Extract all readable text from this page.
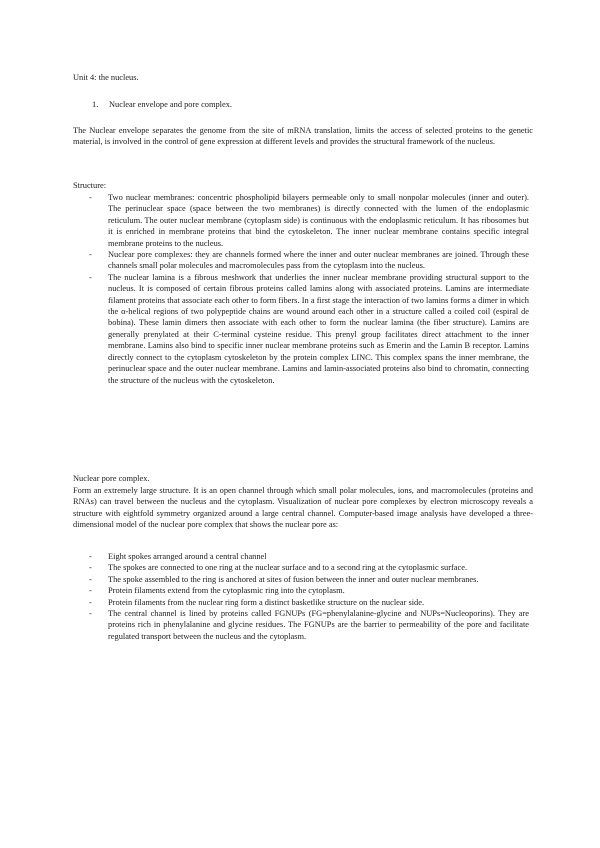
Unit 4: the nucleus.
1. Nuclear envelope and pore complex.
The Nuclear envelope separates the genome from the site of mRNA translation, limits the access of selected proteins to the genetic material, is involved in the control of gene expression at different levels and provides the structural framework of the nucleus.
Structure:
- Two nuclear membranes: concentric phospholipid bilayers permeable only to small nonpolar molecules (inner and outer). The perinuclear space (space between the two membranes) is directly connected with the lumen of the endoplasmic reticulum. The outer nuclear membrane (cytoplasm side) is continuous with the endoplasmic reticulum. It has ribosomes but it is enriched in membrane proteins that bind the cytoskeleton. The inner nuclear membrane contains specific integral membrane proteins to the nucleus.
- Nuclear pore complexes: they are channels formed where the inner and outer nuclear membranes are joined. Through these channels small polar molecules and macromolecules pass from the cytoplasm into the nucleus.
- The nuclear lamina is a fibrous meshwork that underlies the inner nuclear membrane providing structural support to the nucleus. It is composed of certain fibrous proteins called lamins along with associated proteins. Lamins are intermediate filament proteins that associate each other to form fibers. In a first stage the interaction of two lamins forms a dimer in which the α-helical regions of two polypeptide chains are wound around each other in a structure called a coiled coil (espiral de bobina). These lamin dimers then associate with each other to form the nuclear lamina (the fiber structure). Lamins are generally prenylated at their C-terminal cysteine residue. This prenyl group facilitates direct attachment to the inner membrane. Lamins also bind to specific inner nuclear membrane proteins such as Emerin and the Lamin B receptor. Lamins directly connect to the cytoplasm cytoskeleton by the protein complex LINC. This complex spans the inner membrane, the perinuclear space and the outer nuclear membrane. Lamins and lamin-associated proteins also bind to chromatin, connecting the structure of the nucleus with the cytoskeleton.
Nuclear pore complex.
Form an extremely large structure. It is an open channel through which small polar molecules, ions, and macromolecules (proteins and RNAs) can travel between the nucleus and the cytoplasm. Visualization of nuclear pore complexes by electron microscopy reveals a structure with eightfold symmetry organized around a large central channel. Computer-based image analysis have developed a three-dimensional model of the nuclear pore complex that shows the nuclear pore as:
- Eight spokes arranged around a central channel
- The spokes are connected to one ring at the nuclear surface and to a second ring at the cytoplasmic surface.
- The spoke assembled to the ring is anchored at sites of fusion between the inner and outer nuclear membranes.
- Protein filaments extend from the cytoplasmic ring into the cytoplasm.
- Protein filaments from the nuclear ring form a distinct basketlike structure on the nuclear side.
- The central channel is lined by proteins called FGNUPs (FG=phenylalanine-glycine and NUPs=Nucleoporins). They are proteins rich in phenylalanine and glycine residues. The FGNUPs are the barrier to permeability of the pore and facilitate regulated transport between the nucleus and the cytoplasm.
